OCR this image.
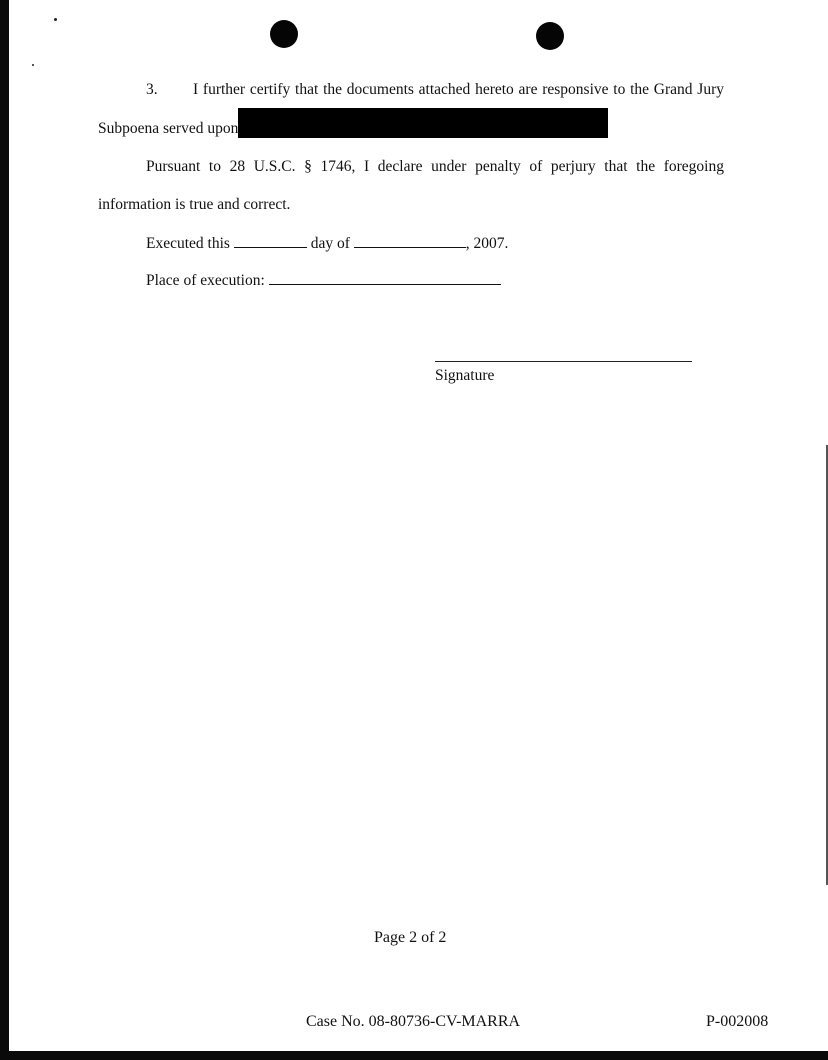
3. I further certify that the documents attached hereto are responsive to the Grand Jury
Subpoena served upon
Pursuant to 28 U.S.C. § 1746, I declare under penalty of perjury that the foregoing
information is true and correct.
Executed this	day of	, 2007.
Place of execution:
Signature
Page 2 of 2
Case No. 08-80736-CV-MARRA	P-002008
